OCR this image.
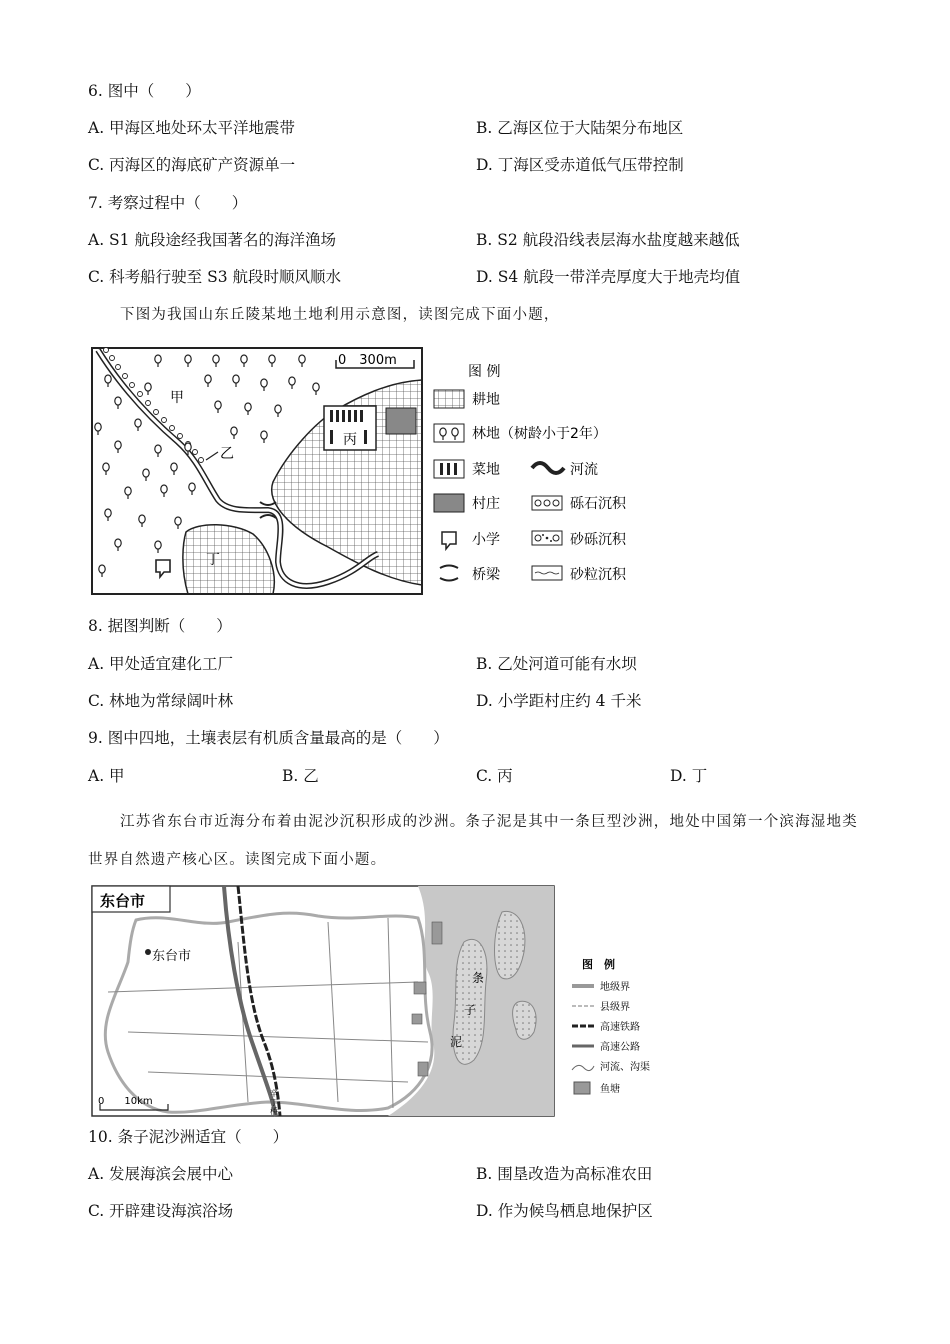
6. 图中（　　）
A. 甲海区地处环太平洋地震带	B. 乙海区位于大陆架分布地区
C. 丙海区的海底矿产资源单一	D. 丁海区受赤道低气压带控制
7. 考察过程中（　　）
A. S1 航段途经我国著名的海洋渔场	B. S2 航段沿线表层海水盐度越来越低
C. 科考船行驶至 S3 航段时顺风顺水	D. S4 航段一带洋壳厚度大于地壳均值
下图为我国山东丘陵某地土地利用示意图，读图完成下面小题，
0　300m
甲
乙
丙
丁
图 例
耕地
林地（树龄小于2年）
菜地	河流
村庄	砾石沉积
小学	砂砾沉积
桥梁	砂粒沉积
8. 据图判断（　　）
A. 甲处适宜建化工厂	B. 乙处河道可能有水坝
C. 林地为常绿阔叶林	D. 小学距村庄约 4 千米
9. 图中四地，土壤表层有机质含量最高的是（　　）
A. 甲	B. 乙	C. 丙	D. 丁
江苏省东台市近海分布着由泥沙沉积形成的沙洲。条子泥是其中一条巨型沙洲，地处中国第一个滨海湿地类世界自然遗产核心区。读图完成下面小题。
东台市
东台市
条
子
泥
辛
丁
桥
0　　10km
图　例
地级界
县级界
高速铁路
高速公路
河流、沟渠
鱼塘
10. 条子泥沙洲适宜（　　）
A. 发展海滨会展中心	B. 围垦改造为高标准农田
C. 开辟建设海滨浴场	D. 作为候鸟栖息地保护区
